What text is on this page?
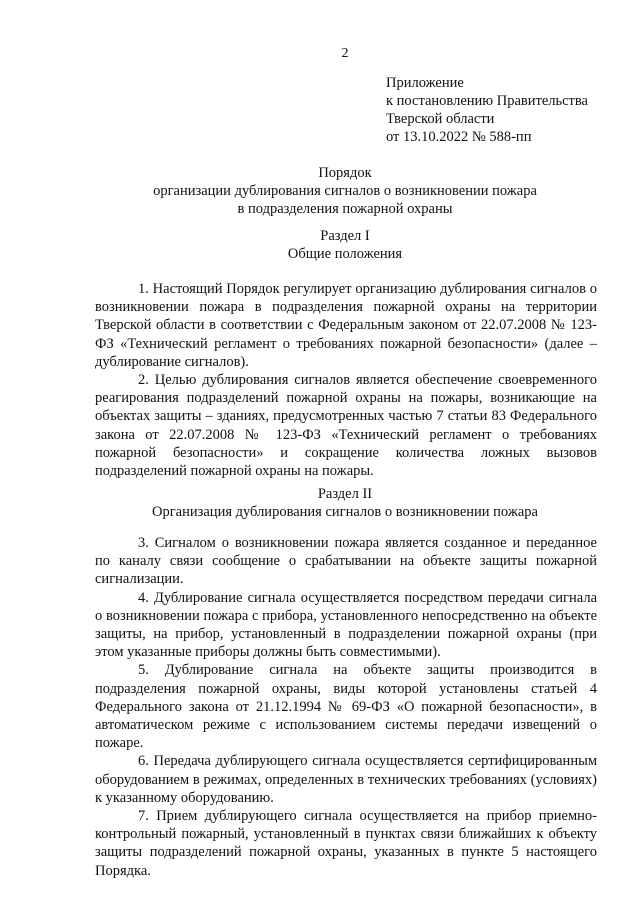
2
Приложение
к постановлению Правительства
Тверской области
от 13.10.2022 № 588-пп
Порядок
организации дублирования сигналов о возникновении пожара
в подразделения пожарной охраны
Раздел I
Общие положения

1. Настоящий Порядок регулирует организацию дублирования сигналов о возникновении пожара в подразделения пожарной охраны на территории Тверской области в соответствии с Федеральным законом от 22.07.2008 № 123-ФЗ «Технический регламент о требованиях пожарной безопасности» (далее – дублирование сигналов).

2. Целью дублирования сигналов является обеспечение своевременного реагирования подразделений пожарной охраны на пожары, возникающие на объектах защиты – зданиях, предусмотренных частью 7 статьи 83 Федерального закона от 22.07.2008 № 123-ФЗ «Технический регламент о требованиях пожарной безопасности» и сокращение количества ложных вызовов подразделений пожарной охраны на пожары.

Раздел II
Организация дублирования сигналов о возникновении пожара

3. Сигналом о возникновении пожара является созданное и переданное по каналу связи сообщение о срабатывании на объекте защиты пожарной сигнализации.

4. Дублирование сигнала осуществляется посредством передачи сигнала о возникновении пожара с прибора, установленного непосредственно на объекте защиты, на прибор, установленный в подразделении пожарной охраны (при этом указанные приборы должны быть совместимыми).

5. Дублирование сигнала на объекте защиты производится в подразделения пожарной охраны, виды которой установлены статьей 4 Федерального закона от 21.12.1994 № 69-ФЗ «О пожарной безопасности», в автоматическом режиме с использованием системы передачи извещений о пожаре.

6. Передача дублирующего сигнала осуществляется сертифицированным оборудованием в режимах, определенных в технических требованиях (условиях) к указанному оборудованию.

7. Прием дублирующего сигнала осуществляется на прибор приемно-контрольный пожарный, установленный в пунктах связи ближайших к объекту защиты подразделений пожарной охраны, указанных в пункте 5 настоящего Порядка.
